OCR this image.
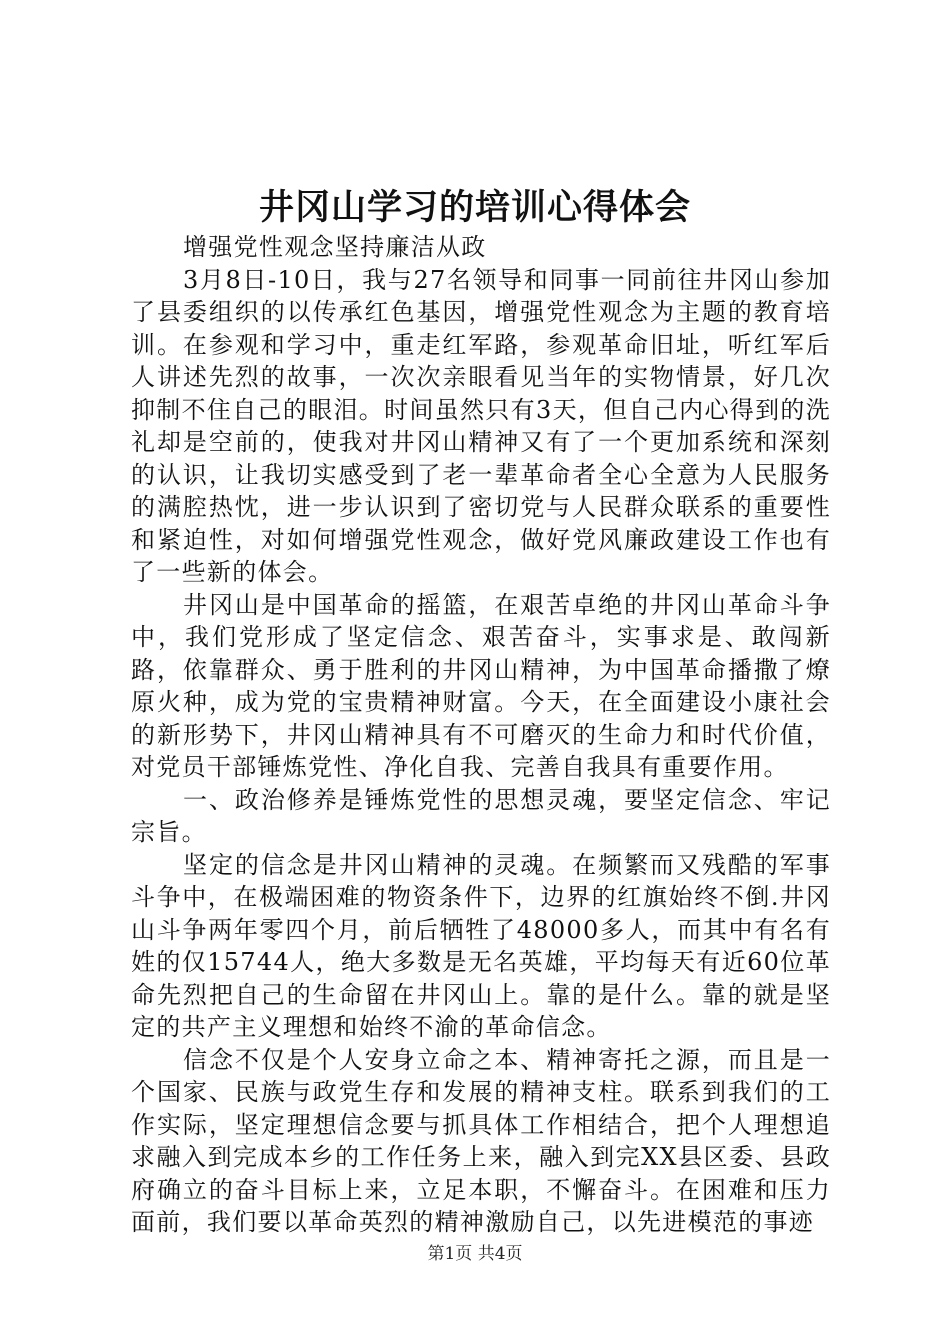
井冈山学习的培训心得体会

增强党性观念坚持廉洁从政

3月8日-10日，我与27名领导和同事一同前往井冈山参加了县委组织的以传承红色基因，增强党性观念为主题的教育培训。在参观和学习中，重走红军路，参观革命旧址，听红军后人讲述先烈的故事，一次次亲眼看见当年的实物情景，好几次抑制不住自己的眼泪。时间虽然只有3天，但自己内心得到的洗礼却是空前的，使我对井冈山精神又有了一个更加系统和深刻的认识，让我切实感受到了老一辈革命者全心全意为人民服务的满腔热忱，进一步认识到了密切党与人民群众联系的重要性和紧迫性，对如何增强党性观念，做好党风廉政建设工作也有了一些新的体会。

井冈山是中国革命的摇篮，在艰苦卓绝的井冈山革命斗争中，我们党形成了坚定信念、艰苦奋斗，实事求是、敢闯新路，依靠群众、勇于胜利的井冈山精神，为中国革命播撒了燎原火种，成为党的宝贵精神财富。今天，在全面建设小康社会的新形势下，井冈山精神具有不可磨灭的生命力和时代价值，对党员干部锤炼党性、净化自我、完善自我具有重要作用。

一、政治修养是锤炼党性的思想灵魂，要坚定信念、牢记宗旨。

坚定的信念是井冈山精神的灵魂。在频繁而又残酷的军事斗争中，在极端困难的物资条件下，边界的红旗始终不倒.井冈山斗争两年零四个月，前后牺牲了48000多人，而其中有名有姓的仅15744人，绝大多数是无名英雄，平均每天有近60位革命先烈把自己的生命留在井冈山上。靠的是什么。靠的就是坚定的共产主义理想和始终不渝的革命信念。

信念不仅是个人安身立命之本、精神寄托之源，而且是一个国家、民族与政党生存和发展的精神支柱。联系到我们的工作实际，坚定理想信念要与抓具体工作相结合，把个人理想追求融入到完成本乡的工作任务上来，融入到完XX县区委、县政府确立的奋斗目标上来，立足本职，不懈奋斗。在困难和压力面前，我们要以革命英烈的精神激励自己，以先进模范的事迹

第1页 共4页
